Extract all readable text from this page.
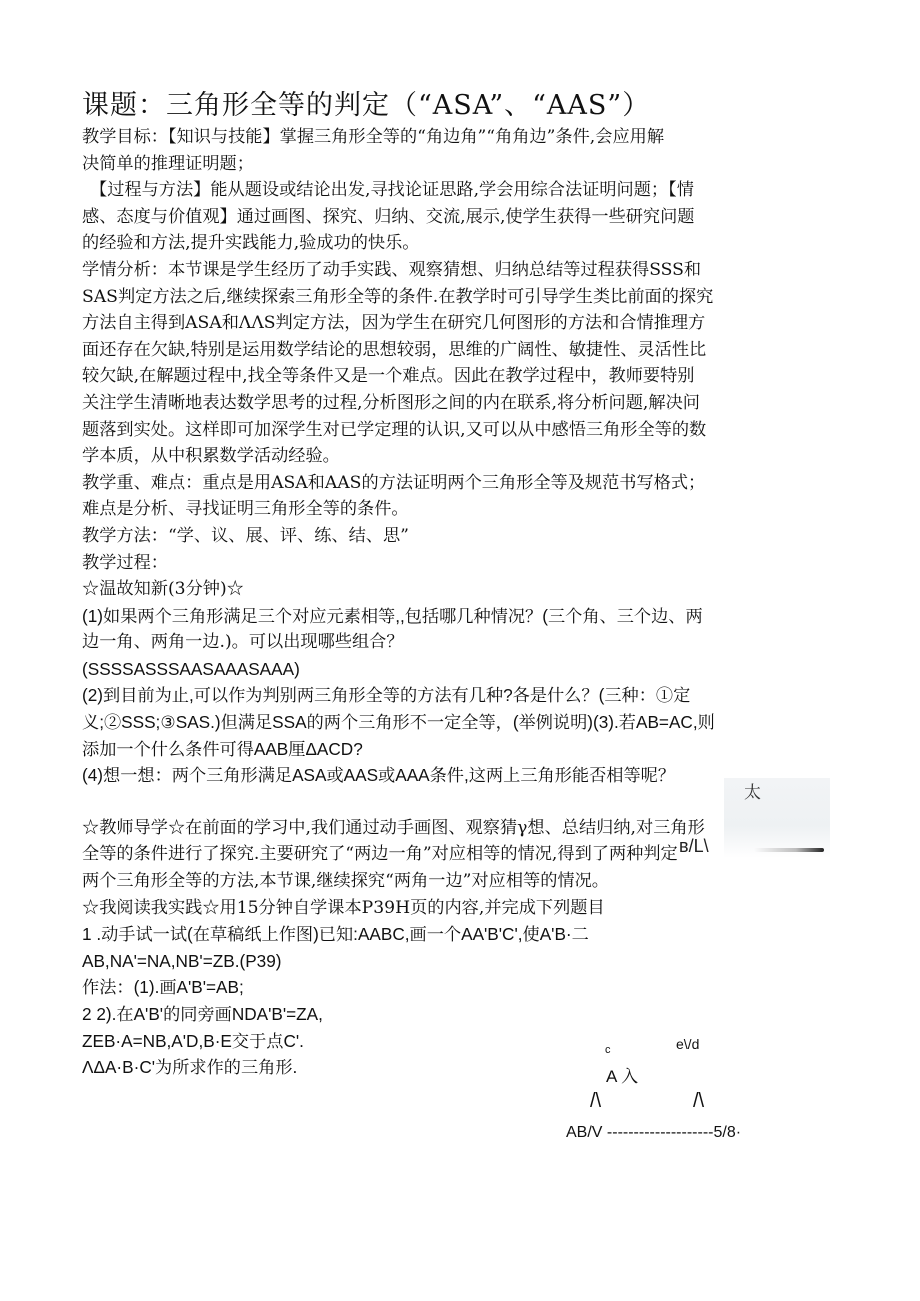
课题：三角形全等的判定（“ASA”、“AAS”）
教学目标：【知识与技能】掌握三角形全等的“角边角”“角角边”条件,会应用解
决简单的推理证明题；
【过程与方法】能从题设或结论出发,寻找论证思路,学会用综合法证明问题；【情
感、态度与价值观】通过画图、探究、归纳、交流,展示,使学生获得一些研究问题
的经验和方法,提升实践能力,验成功的快乐。
学情分析：本节课是学生经历了动手实践、观察猜想、归纳总结等过程获得SSS和
SAS判定方法之后,继续探索三角形全等的条件.在教学时可引导学生类比前面的探究
方法自主得到ASA和ΛΛS判定方法，因为学生在研究几何图形的方法和合情推理方
面还存在欠缺,特别是运用数学结论的思想较弱，思维的广阔性、敏捷性、灵活性比
较欠缺,在解题过程中,找全等条件又是一个难点。因此在教学过程中，教师要特别
关注学生清晰地表达数学思考的过程,分析图形之间的内在联系,将分析问题,解决问
题落到实处。这样即可加深学生对已学定理的认识,又可以从中感悟三角形全等的数
学本质，从中积累数学活动经验。
教学重、难点：重点是用ASA和AAS的方法证明两个三角形全等及规范书写格式；
难点是分析、寻找证明三角形全等的条件。
教学方法：“学、议、展、评、练、结、思”
教学过程：
☆温故知新(3分钟)☆
(1)如果两个三角形满足三个对应元素相等,,包括哪几种情况？(三个角、三个边、两
边一角、两角一边.)。可以出现哪些组合？
(SSSSASSSAASAAASAAA)
(2)到目前为止,可以作为判别两三角形全等的方法有几种?各是什么？(三种：①定
义;②SSS;③SAS.)但满足SSA的两个三角形不一定全等，(举例说明)(3).若AB=AC,则
添加一个什么条件可得AAB厘ΔACD?
(4)想一想：两个三角形满足ASA或AAS或AAA条件,这两上三角形能否相等呢？
☆教师导学☆在前面的学习中,我们通过动手画图、观察猜γ想、总结归纳,对三角形
全等的条件进行了探究.主要研究了“两边一角”对应相等的情况,得到了两种判定
两个三角形全等的方法,本节课,继续探究“两角一边”对应相等的情况。
☆我阅读我实践☆用15分钟自学课本P39H页的内容,并完成下列题目
1 .动手试一试(在草稿纸上作图)已知:AABC,画一个AA'B'C',使A'B·二
AB,NA'=NA,NB'=ZB.(P39)
作法：(1).画A'B'=AB;
2 2).在A'B'的同旁画NDA'B'=ZA,
ZEB·A=NB,A'D,B·E交于点C'.
ΛΔA·B·C'为所求作的三角形.
太
ʙ/L\
c	e\/d
A 入
/\	/\
AB/V --------------------5/8·
